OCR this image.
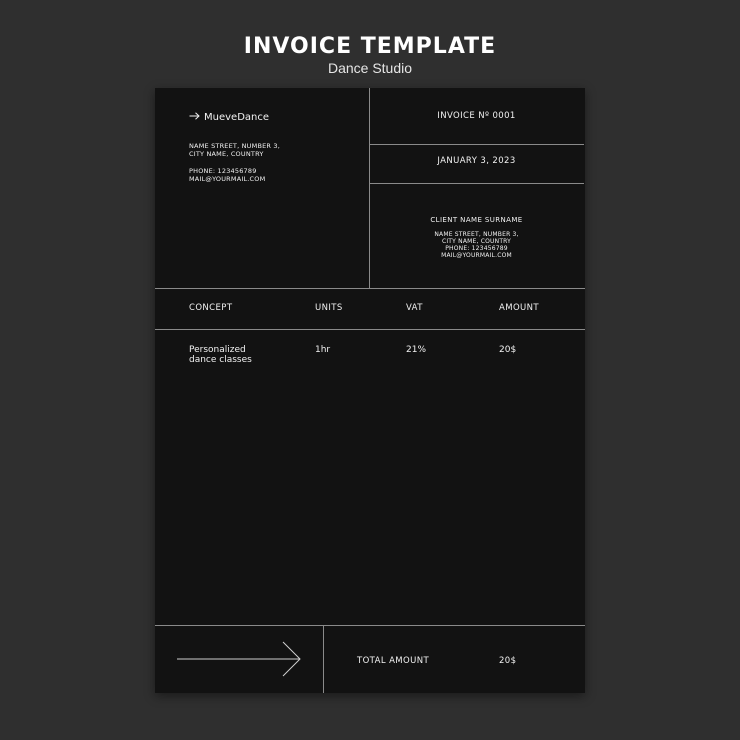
INVOICE TEMPLATE
Dance Studio
MueveDance
NAME STREET, NUMBER 3,
CITY NAME, COUNTRY
PHONE: 123456789
MAIL@YOURMAIL.COM
INVOICE Nº 0001
JANUARY 3, 2023
CLIENT NAME SURNAME
NAME STREET, NUMBER 3,
CITY NAME, COUNTRY
PHONE: 123456789
MAIL@YOURMAIL.COM
CONCEPT	UNITS	VAT	AMOUNT
Personalized
dance classes
1hr	21%	20$
TOTAL AMOUNT	20$
